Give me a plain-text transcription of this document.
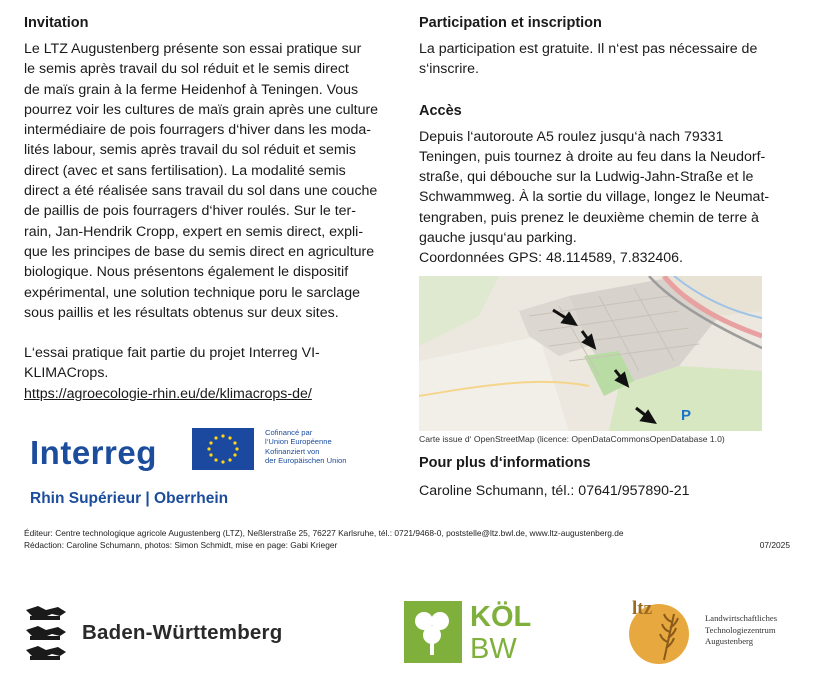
Invitation

Le LTZ Augustenberg présente son essai pratique sur

le semis après travail du sol réduit et le semis direct

de maïs grain à la ferme Heidenhof à Teningen. Vous

pourrez voir les cultures de maïs grain après une culture

intermédiaire de pois fourragers d‘hiver dans les moda-

lités labour, semis après travail du sol réduit et semis

direct (avec et sans fertilisation). La modalité semis

direct a été réalisée sans travail du sol dans une couche

de paillis de pois fourragers d‘hiver roulés. Sur le ter-

rain, Jan-Hendrik Cropp, expert en semis direct, expli-

que les principes de base du semis direct en agriculture

biologique. Nous présentons également le dispositif

expérimental, une solution technique poru le sarclage

sous paillis et les résultats obtenus sur deux sites.

L‘essai pratique fait partie du projet Interreg VI-

KLIMACrops.

https://agroecologie-rhin.eu/de/klimacrops-de/

Participation et inscription

La participation est gratuite. Il n‘est pas nécessaire de

s‘inscrire.

Accès

Depuis l‘autoroute A5 roulez jusqu‘à nach 79331

Teningen, puis tournez à droite au feu dans la Neudorf-

straße, qui débouche sur la Ludwig-Jahn-Straße et le

Schwammweg. À la sortie du village, longez le Neumat-

tengraben, puis prenez le deuxième chemin de terre à

gauche jusqu‘au parking.

Coordonnées GPS: 48.114589, 7.832406.

P
Carte issue d‘ OpenStreetMap (licence: OpenDataCommonsOpenDatabase 1.0)
Pour plus d‘informations

Caroline Schumann, tél.: 07641/957890-21

Interreg
Cofinancé par
l‘Union Européenne
Kofinanziert von
der Europäischen Union
Rhin Supérieur | Oberrhein
Éditeur: Centre technologique agricole Augustenberg (LTZ), Neßlerstraße 25, 76227 Karlsruhe, tél.: 0721/9468-0, poststelle@ltz.bwl.de, www.ltz-augustenberg.de
Rédaction: Caroline Schumann, photos: Simon Schmidt, mise en page: Gabi Krieger	07/2025
Baden-Württemberg	KÖL
BW
ltz	Landwirtschaftliches
Technologiezentrum
Augustenberg
